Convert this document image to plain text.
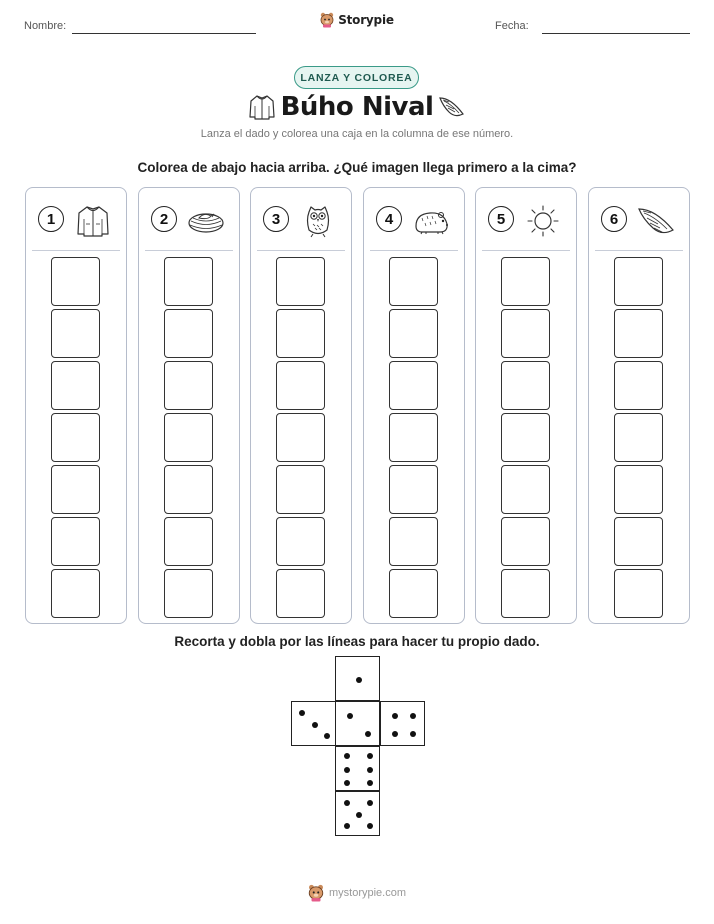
Nombre:	Storypie	Fecha:
LANZA Y COLOREA
Búho Nival
Lanza el dado y colorea una caja en la columna de ese número.
Colorea de abajo hacia arriba. ¿Qué imagen llega primero a la cima?
1	2	3	4	5	6
Recorta y dobla por las líneas para hacer tu propio dado.
mystorypie.com
